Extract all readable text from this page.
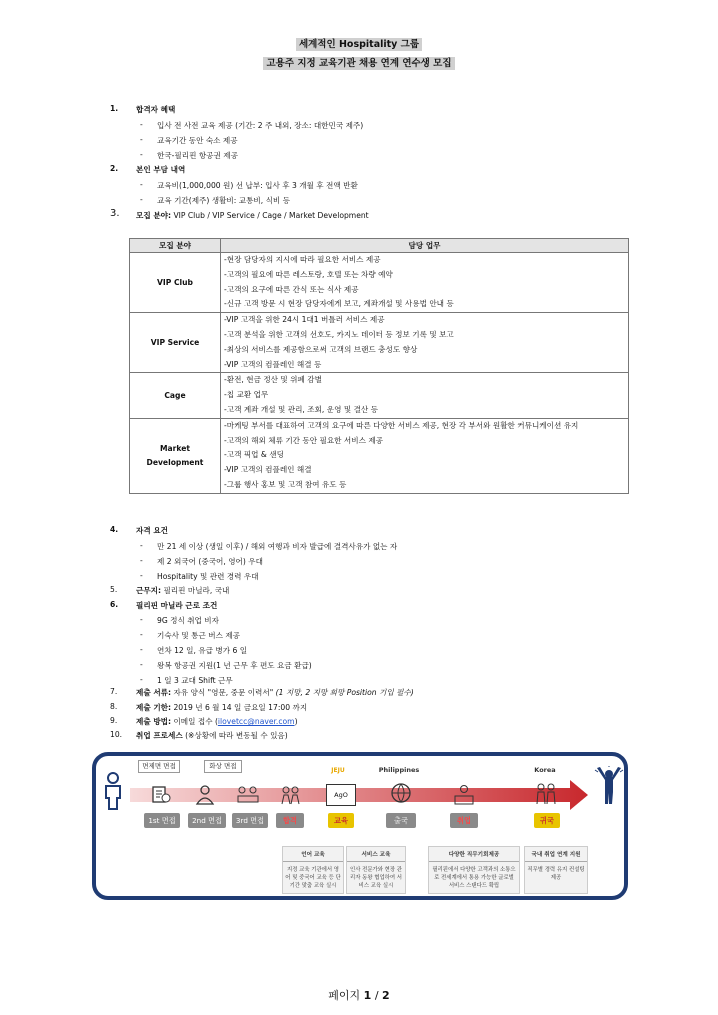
세계적인 Hospitality 그룹
고용주 지정 교육기관 채용 연계 연수생 모집
1. 합격자 혜택
- 입사 전 사전 교육 제공 (기간: 2 주 내외, 장소: 대한민국 제주)
- 교육기간 동안 숙소 제공
- 한국-필리핀 항공권 제공
2. 본인 부담 내역
- 교육비(1,000,000 원) 선 납부: 입사 후 3 개월 후 전액 반환
- 교육 기간(제주) 생활비: 교통비, 식비 등
3. 모집 분야: VIP Club / VIP Service / Cage / Market Development
모집 분야	담당 업무
VIP Club	-현장 담당자의 지시에 따라 필요한 서비스 제공
-고객의 필요에 따른 레스토랑, 호텔 또는 차량 예약
-고객의 요구에 따른 간식 또는 식사 제공
-신규 고객 방문 시 현장 담당자에게 보고, 계좌개설 및 사용법 안내 등

VIP Service	-VIP 고객을 위한 24시 1대1 버틀러 서비스 제공
-고객 분석을 위한 고객의 선호도, 카지노 데이터 등 정보 기록 및 보고
-최상의 서비스를 제공함으로써 고객의 브랜드 충성도 향상
-VIP 고객의 컴플레인 해결 등

Cage	-환전, 현금 정산 및 위폐 감별
-칩 교환 업무
-고객 계좌 개설 및 관리, 조회, 운영 및 결산 등

Market Development	-마케팅 부서를 대표하여 고객의 요구에 따른 다양한 서비스 제공, 현장 각 부서와 원활한 커뮤니케이션 유지
-고객의 해외 체류 기간 동안 필요한 서비스 제공
-고객 픽업 & 샌딩
-VIP 고객의 컴플레인 해결
-그룹 행사 홍보 및 고객 참여 유도 등
4. 자격 요건
- 만 21 세 이상 (생일 이후) / 해외 여행과 비자 발급에 결격사유가 없는 자
- 제 2 외국어 (중국어, 영어) 우대
- Hospitality 및 관련 경력 우대
5. 근무지: 필리핀 마닐라, 국내
6. 필리핀 마닐라 근로 조건
- 9G 정식 취업 비자
- 기숙사 및 통근 버스 제공
- 연차 12 일, 유급 병가 6 일
- 왕복 항공권 지원(1 년 근무 후 편도 요금 환급)
- 1 일 3 교대 Shift 근무
7. 제출 서류: 자유 양식 "영문, 중문 이력서" (1 지망, 2 지망 희망 Position 기입 필수)
8. 제출 기한: 2019 년 6 월 14 일 금요일 17:00 까지
9. 제출 방법: 이메일 접수 (ilovetcc@naver.com)
10. 취업 프로세스 (※상황에 따라 변동될 수 있음)
면제면 면접	화상 면접
JEJU	Philippines	Korea
AgO
1st 면접	2nd 면접	3rd 면접	합격	교육	출국	취업	귀국
언어 교육
지정 교육 기관에서 영어 및 중국어 교육 등 단기간 맞춤 교육 실시
서비스 교육
인사 전문가와 현장 관리자 동왕 협업하여 서비스 교육 실시
다양한 직무기회제공
필리핀에서 다양한 고객과의 소통으로 전세계에서 통용 가능한 글로벌 서비스 스탠다드 확립
국내 취업 연계 지원
직무별 경력 유지 컨설팅 제공
페이지 1 / 2
